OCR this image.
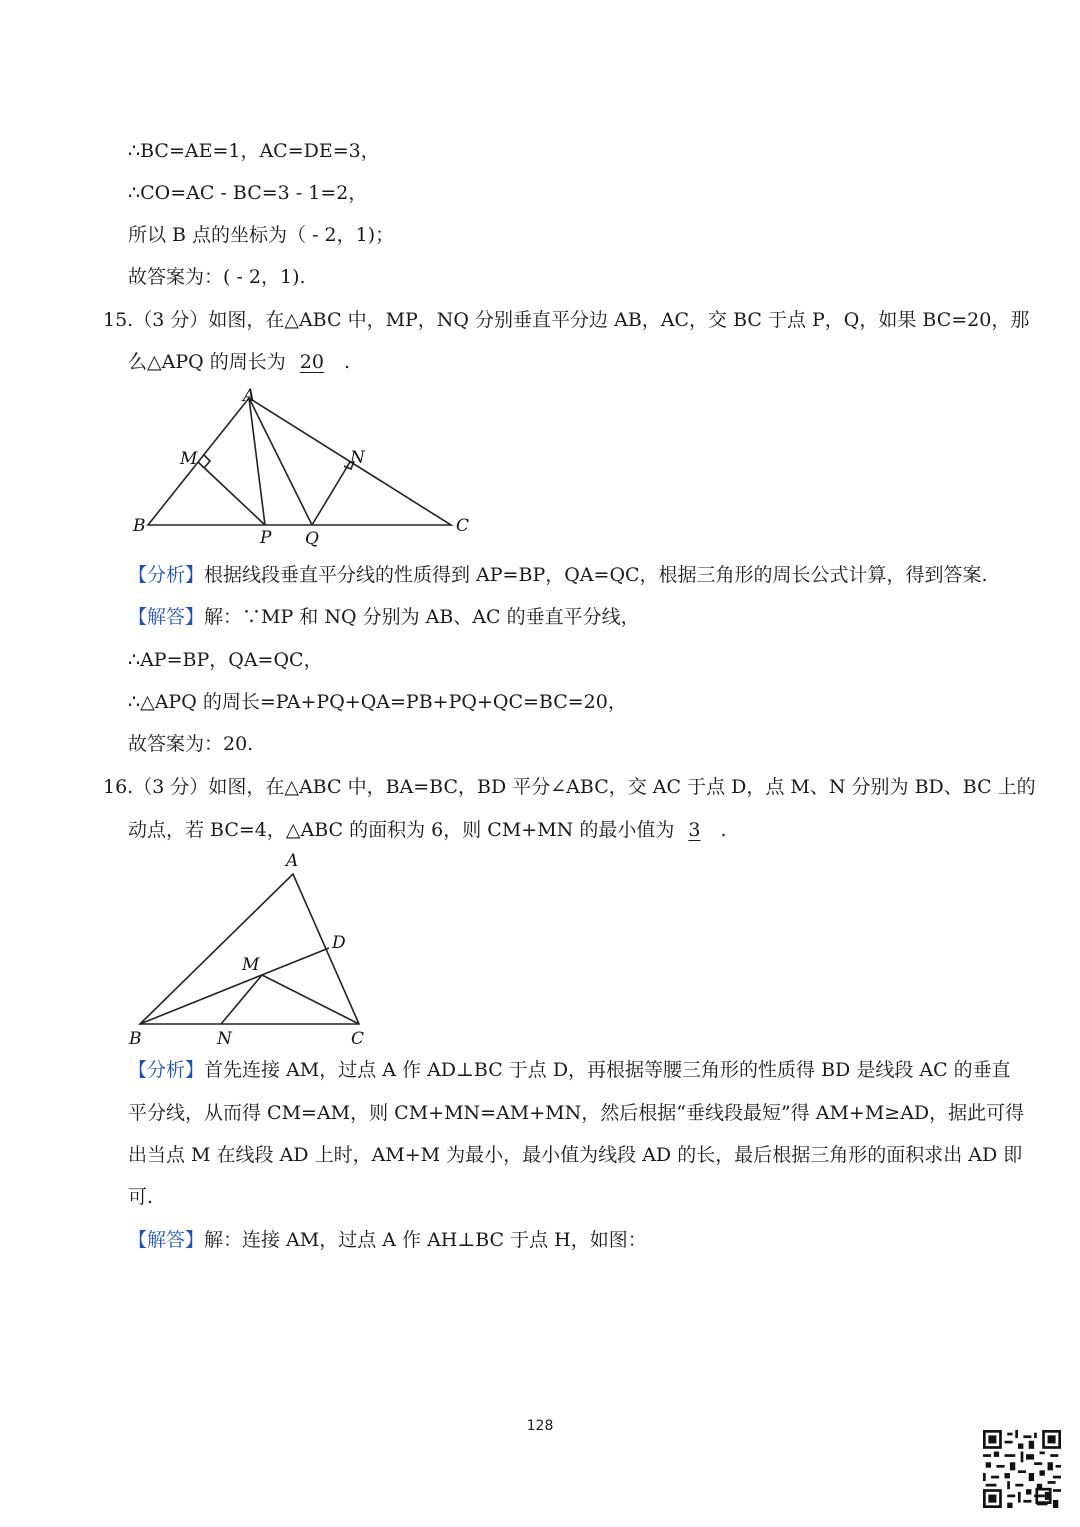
∴BC=AE=1，AC=DE=3，
∴CO=AC - BC=3 - 1=2，
所以 B 点的坐标为（ - 2，1)；
故答案为：( - 2，1).
15.（3 分）如图，在△ABC 中，MP，NQ 分别垂直平分边 AB，AC，交 BC 于点 P，Q，如果 BC=20，那
么△APQ 的周长为 20 .
A
B	C
M	N
P Q
【分析】根据线段垂直平分线的性质得到 AP=BP，QA=QC，根据三角形的周长公式计算，得到答案.
【解答】解：∵MP 和 NQ 分别为 AB、AC 的垂直平分线，
∴AP=BP，QA=QC，
∴△APQ 的周长=PA+PQ+QA=PB+PQ+QC=BC=20，
故答案为：20.
16.（3 分）如图，在△ABC 中，BA=BC，BD 平分∠ABC，交 AC 于点 D，点 M、N 分别为 BD、BC 上的
动点，若 BC=4，△ABC 的面积为 6，则 CM+MN 的最小值为 3 .
A
B	C
D
M
N
【分析】首先连接 AM，过点 A 作 AD⊥BC 于点 D，再根据等腰三角形的性质得 BD 是线段 AC 的垂直
平分线，从而得 CM=AM，则 CM+MN=AM+MN，然后根据“垂线段最短”得 AM+M≥AD，据此可得
出当点 M 在线段 AD 上时，AM+M 为最小，最小值为线段 AD 的长，最后根据三角形的面积求出 AD 即
可.
【解答】解：连接 AM，过点 A 作 AH⊥BC 于点 H，如图：
128
